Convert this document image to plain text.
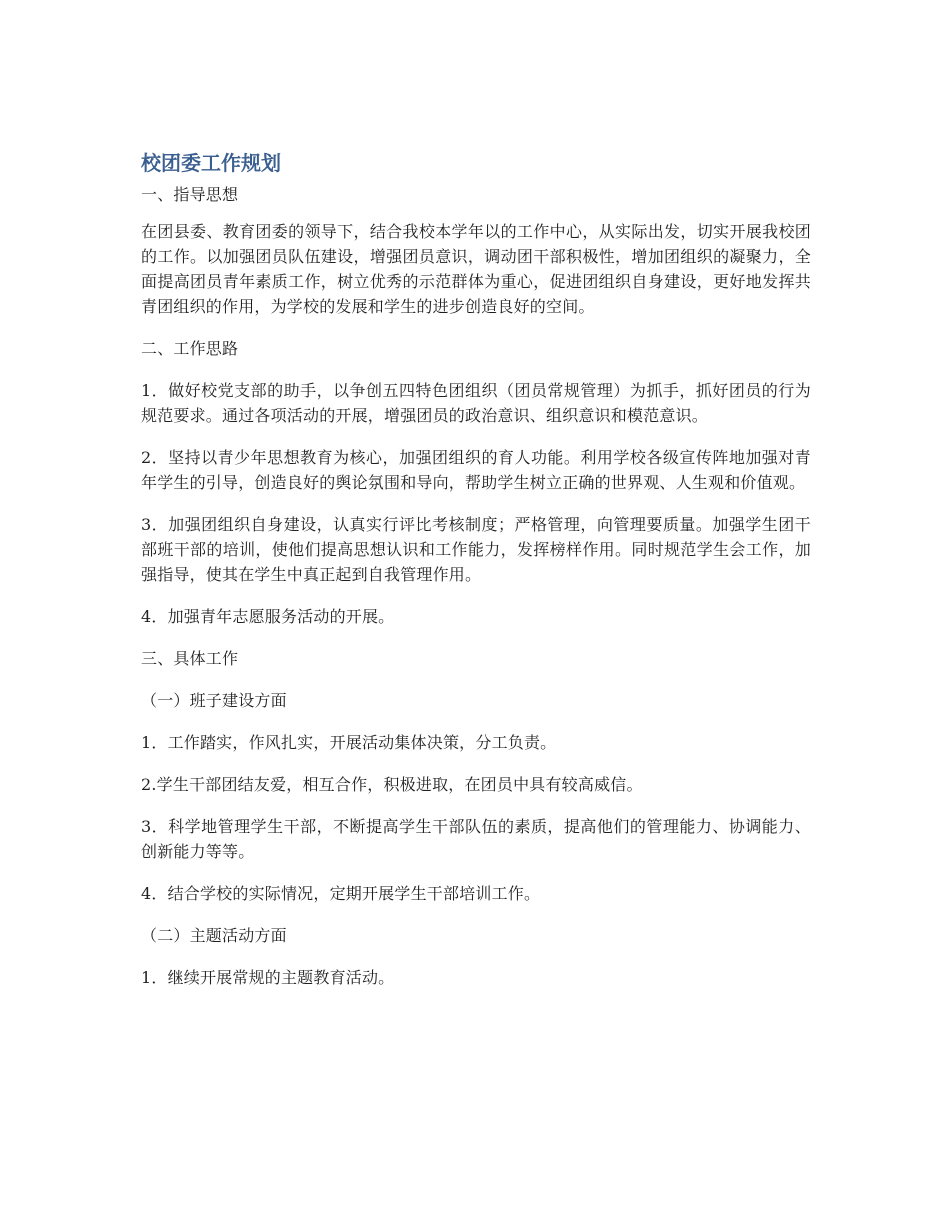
校团委工作规划

一、指导思想

在团县委、教育团委的领导下，结合我校本学年以的工作中心，从实际出发，切实开展我校团的工作。以加强团员队伍建设，增强团员意识，调动团干部积极性，增加团组织的凝聚力，全面提高团员青年素质工作，树立优秀的示范群体为重心，促进团组织自身建设，更好地发挥共青团组织的作用，为学校的发展和学生的进步创造良好的空间。

二、工作思路

1．做好校党支部的助手，以争创五四特色团组织（团员常规管理）为抓手，抓好团员的行为规范要求。通过各项活动的开展，增强团员的政治意识、组织意识和模范意识。

2．坚持以青少年思想教育为核心，加强团组织的育人功能。利用学校各级宣传阵地加强对青年学生的引导，创造良好的舆论氛围和导向，帮助学生树立正确的世界观、人生观和价值观。

3．加强团组织自身建设，认真实行评比考核制度；严格管理，向管理要质量。加强学生团干部班干部的培训，使他们提高思想认识和工作能力，发挥榜样作用。同时规范学生会工作，加强指导，使其在学生中真正起到自我管理作用。

4．加强青年志愿服务活动的开展。

三、具体工作

（一）班子建设方面

1．工作踏实，作风扎实，开展活动集体决策，分工负责。

2.学生干部团结友爱，相互合作，积极进取，在团员中具有较高威信。

3．科学地管理学生干部，不断提高学生干部队伍的素质，提高他们的管理能力、协调能力、创新能力等等。

4．结合学校的实际情况，定期开展学生干部培训工作。

（二）主题活动方面

1．继续开展常规的主题教育活动。
